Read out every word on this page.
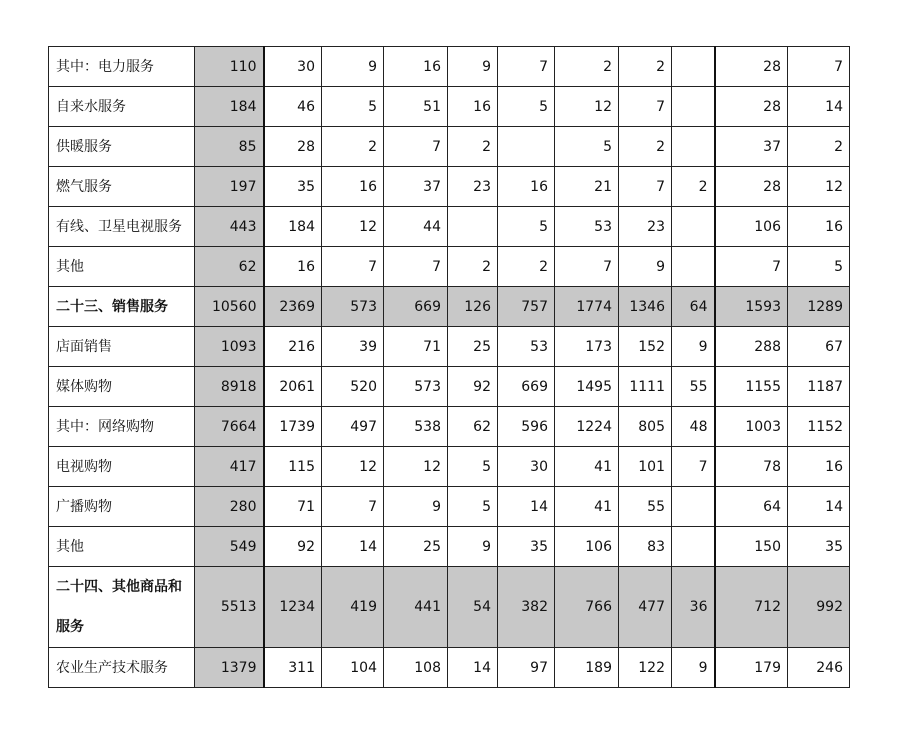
其中：电力服务	110	30	9	16	9	7	2	2		28	7
自来水服务	184	46	5	51	16	5	12	7		28	14
供暖服务	85	28	2	7	2		5	2		37	2
燃气服务	197	35	16	37	23	16	21	7	2	28	12
有线、卫星电视服务	443	184	12	44		5	53	23		106	16
其他	62	16	7	7	2	2	7	9		7	5
二十三、销售服务	10560	2369	573	669	126	757	1774	1346	64	1593	1289
店面销售	1093	216	39	71	25	53	173	152	9	288	67
媒体购物	8918	2061	520	573	92	669	1495	1111	55	1155	1187
其中：网络购物	7664	1739	497	538	62	596	1224	805	48	1003	1152
电视购物	417	115	12	12	5	30	41	101	7	78	16
广播购物	280	71	7	9	5	14	41	55		64	14
其他	549	92	14	25	9	35	106	83		150	35
二十四、其他商品和服务	5513	1234	419	441	54	382	766	477	36	712	992
农业生产技术服务	1379	311	104	108	14	97	189	122	9	179	246
